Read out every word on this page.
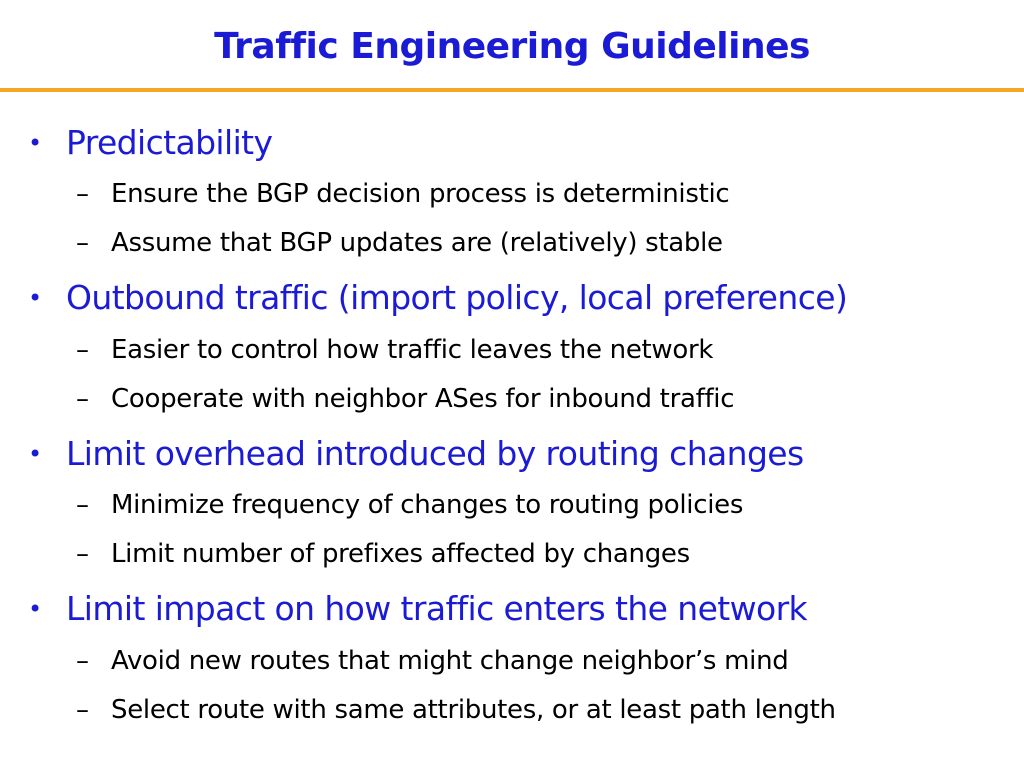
Traffic Engineering Guidelines
• Predictability
– Ensure the BGP decision process is deterministic
– Assume that BGP updates are (relatively) stable
• Outbound traffic (import policy, local preference)
– Easier to control how traffic leaves the network
– Cooperate with neighbor ASes for inbound traffic
• Limit overhead introduced by routing changes
– Minimize frequency of changes to routing policies
– Limit number of prefixes affected by changes
• Limit impact on how traffic enters the network
– Avoid new routes that might change neighbor’s mind
– Select route with same attributes, or at least path length
